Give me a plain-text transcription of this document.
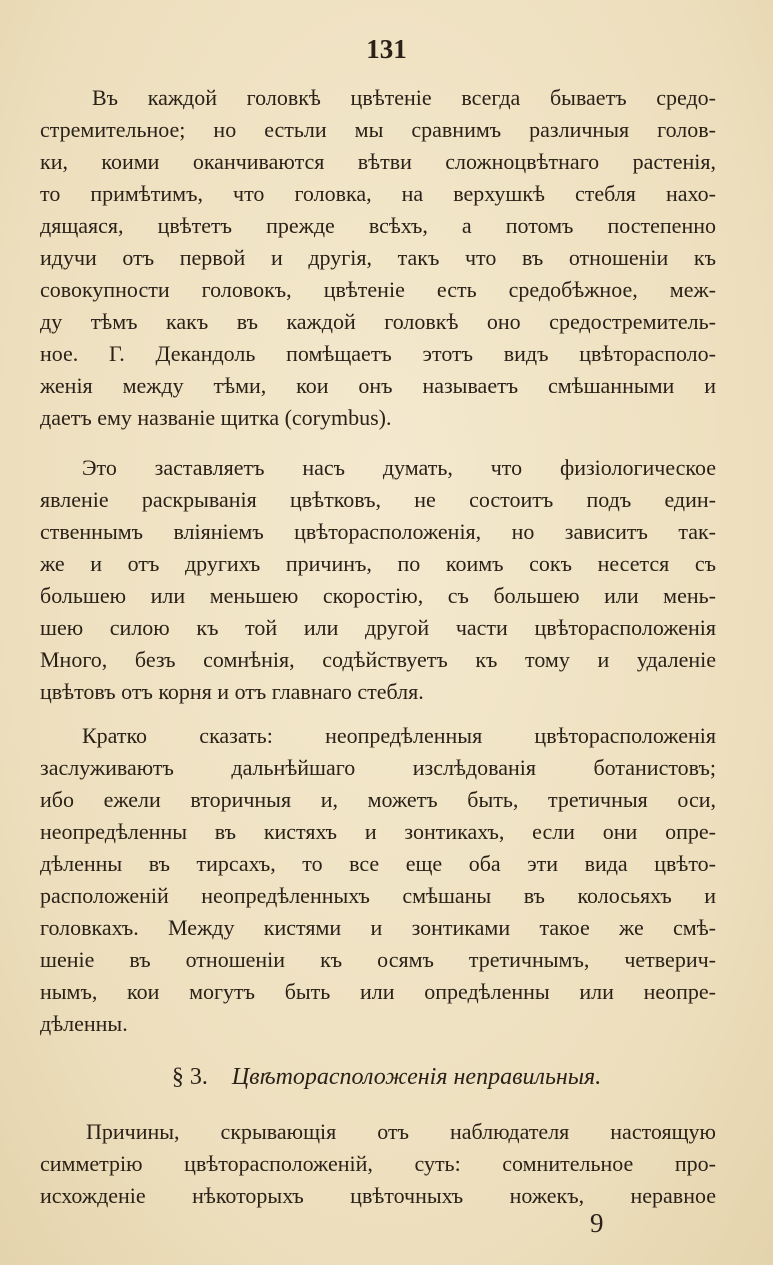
131
Въ каждой головкѣ цвѣтеніе всегда бываетъ средо-
стремительное; но естьли мы сравнимъ различныя голов-
ки, коими оканчиваются вѣтви сложноцвѣтнаго растенія,
то примѣтимъ, что головка, на верхушкѣ стебля нахо-
дящаяся, цвѣтетъ прежде всѣхъ, а потомъ постепенно
идучи отъ первой и другія, такъ что въ отношеніи къ
совокупности головокъ, цвѣтеніе есть средобѣжное, меж-
ду тѣмъ какъ въ каждой головкѣ оно средостремитель-
ное. Г. Декандоль помѣщаетъ этотъ видъ цвѣторасполо-
женія между тѣми, кои онъ называетъ смѣшанными и
даетъ ему названіе щитка (corymbus).
Это заставляетъ насъ думать, что физіологическое
явленіе раскрыванія цвѣтковъ, не состоитъ подъ един-
ственнымъ вліяніемъ цвѣторасположенія, но зависитъ так-
же и отъ другихъ причинъ, по коимъ сокъ несется съ
большею или меньшею скоростію, съ большею или мень-
шею силою къ той или другой части цвѣторасположенія
Много, безъ сомнѣнія, содѣйствуетъ къ тому и удаленіе
цвѣтовъ отъ корня и отъ главнаго стебля.
Кратко сказать: неопредѣленныя цвѣторасположенія
заслуживаютъ дальнѣйшаго изслѣдованія ботанистовъ;
ибо ежели вторичныя и, можетъ быть, третичныя оси,
неопредѣленны въ кистяхъ и зонтикахъ, если они опре-
дѣленны въ тирсахъ, то все еще оба эти вида цвѣто-
расположеній неопредѣленныхъ смѣшаны въ колосьяхъ и
головкахъ. Между кистями и зонтиками такое же смѣ-
шеніе въ отношеніи къ осямъ третичнымъ, четверич-
нымъ, кои могутъ быть или опредѣленны или неопре-
дѣленны.
§ 3. Цвѣторасположенія неправильныя.
Причины, скрывающія отъ наблюдателя настоящую
симметрію цвѣторасположеній, суть: сомнительное про-
исхожденіе нѣкоторыхъ цвѣточныхъ ножекъ, неравное
9
